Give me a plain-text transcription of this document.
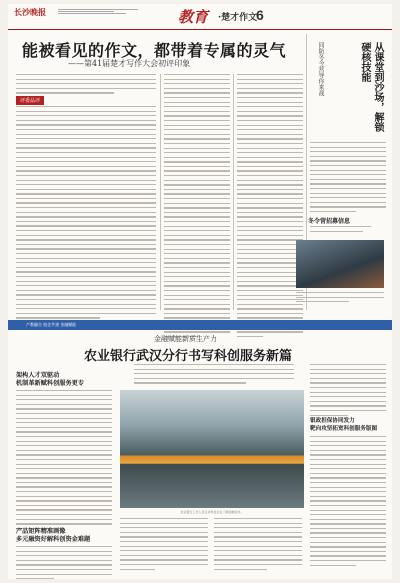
长沙晚报	教育 ·楚才作文
6
能被看见的作文，都带着专属的灵气
——第41届楚才写作大会初评印象
评委品评	从课堂到沙场，解锁硬核技能
同防冬今营导你来战
冬令营招募信息
产教融合 校企共建 金融赋能
金融赋能新质生产力
农业银行武汉分行书写科创服务新篇
架构人才双驱动
机制革新赋科创服务更专
产品矩阵精准画像
多元融资好解科创资金难题
农业银行工作人员走访科技企业了解金融需求。
银政担保协同发力
靶向攻坚拓宽科创服务版图
